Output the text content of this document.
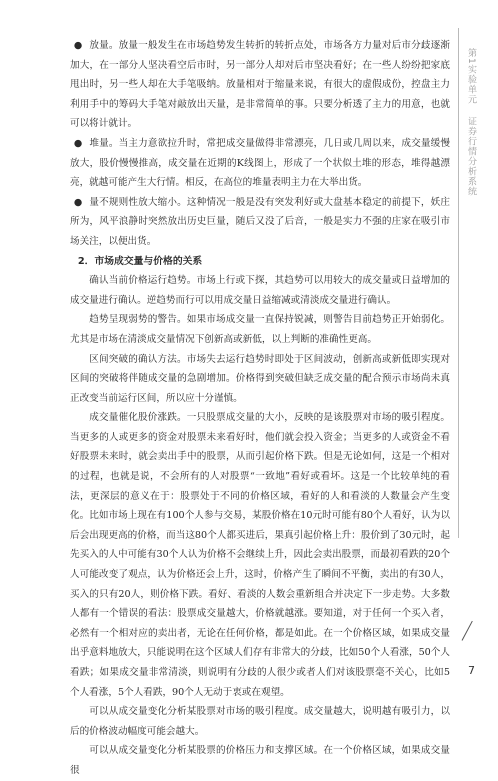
● 放量。放量一般发生在市场趋势发生转折的转折点处，市场各方力量对后市分歧逐渐加大，在一部分人坚决看空后市时，另一部分人却对后市坚决看好；在一些人纷纷把家底甩出时，另一些人却在大手笔吸纳。放量相对于缩量来说，有很大的虚假成份，控盘主力利用手中的筹码大手笔对敲放出天量，是非常简单的事。只要分析透了主力的用意，也就可以将计就计。

● 堆量。当主力意欲拉升时，常把成交量做得非常漂亮，几日或几周以来，成交量缓慢放大，股价慢慢推高，成交量在近期的K线图上，形成了一个状似土堆的形态，堆得越漂亮，就越可能产生大行情。相反，在高位的堆量表明主力在大举出货。

● 量不规则性放大缩小。这种情况一般是没有突发利好或大盘基本稳定的前提下，妖庄所为，风平浪静时突然放出历史巨量，随后又没了后音，一般是实力不强的庄家在吸引市场关注，以便出货。

2．市场成交量与价格的关系

确认当前价格运行趋势。市场上行或下探，其趋势可以用较大的成交量或日益增加的成交量进行确认。逆趋势而行可以用成交量日益缩减或清淡成交量进行确认。

趋势呈现弱势的警告。如果市场成交量一直保持锐减，则警告目前趋势正开始弱化。尤其是市场在清淡成交量情况下创新高或新低，以上判断的准确性更高。

区间突破的确认方法。市场失去运行趋势时即处于区间波动，创新高或新低即实现对区间的突破将伴随成交量的急剧增加。价格得到突破但缺乏成交量的配合预示市场尚未真正改变当前运行区间，所以应十分谨慎。

成交量催化股价涨跌。一只股票成交量的大小，反映的是该股票对市场的吸引程度。当更多的人或更多的资金对股票未来看好时，他们就会投入资金；当更多的人或资金不看好股票未来时，就会卖出手中的股票，从而引起价格下跌。但是无论如何，这是一个相对的过程，也就是说，不会所有的人对股票“一致地”看好或看坏。这是一个比较单纯的看法，更深层的意义在于：股票处于不同的价格区域，看好的人和看淡的人数量会产生变化。比如市场上现在有100个人参与交易，某股价格在10元时可能有80个人看好，认为以后会出现更高的价格，而当这80个人都买进后，果真引起价格上升：股价到了30元时，起先买入的人中可能有30个人认为价格不会继续上升，因此会卖出股票，而最初看跌的20个人可能改变了观点，认为价格还会上升，这时，价格产生了瞬间不平衡，卖出的有30人，买入的只有20人，则价格下跌。看好、看淡的人数会重新组合并决定下一步走势。大多数人都有一个错误的看法：股票成交量越大，价格就越涨。要知道，对于任何一个买入者，必然有一个相对应的卖出者，无论在任何价格，都是如此。在一个价格区域，如果成交量出乎意料地放大，只能说明在这个区域人们存有非常大的分歧，比如50个人看涨，50个人看跌；如果成交量非常清淡，则说明有分歧的人很少或者人们对该股票毫不关心，比如5个人看涨，5个人看跌，90个人无动于衷或在观望。

可以从成交量变化分析某股票对市场的吸引程度。成交量越大，说明越有吸引力，以后的价格波动幅度可能会越大。

可以从成交量变化分析某股票的价格压力和支撑区域。在一个价格区域，如果成交量很

第1实验单元证券行情分析系统
7
